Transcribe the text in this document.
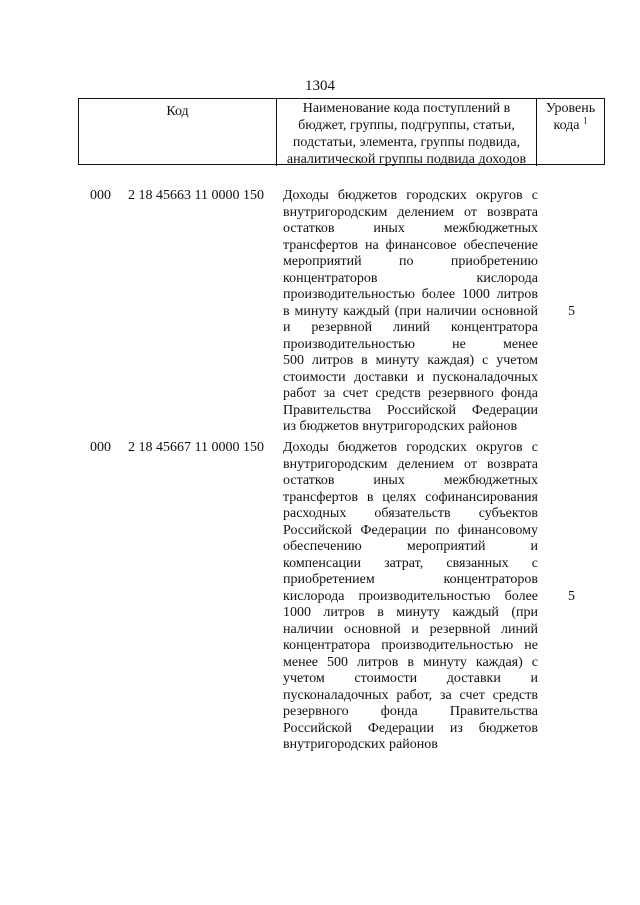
1304
Код	Наименование кода поступлений в
бюджет, группы, подгруппы, статьи,
подстатьи, элемента, группы подвида,
аналитической группы подвида доходов
Уровень
кода $^1$
000 2 18 45663 11 0000 150 Доходы бюджетов городских округов с
внутригородским делением от возврата
остатков иных межбюджетных
трансфертов на финансовое обеспечение
мероприятий по приобретению
концентраторов кислорода
производительностью более 1000 литров
в минуту каждый (при наличии основной
и резервной линий концентратора
производительностью не менее
500 литров в минуту каждая) с учетом
стоимости доставки и пусконаладочных
работ за счет средств резервного фонда
Правительства Российской Федерации
из бюджетов внутригородских районов
5
000 2 18 45667 11 0000 150 Доходы бюджетов городских округов с
внутригородским делением от возврата
остатков иных межбюджетных
трансфертов в целях софинансирования
расходных обязательств субъектов
Российской Федерации по финансовому
обеспечению мероприятий и
компенсации затрат, связанных с
приобретением концентраторов
кислорода производительностью более
1000 литров в минуту каждый (при
наличии основной и резервной линий
концентратора производительностью не
менее 500 литров в минуту каждая) с
учетом стоимости доставки и
пусконаладочных работ, за счет средств
резервного фонда Правительства
Российской Федерации из бюджетов
внутригородских районов
5
